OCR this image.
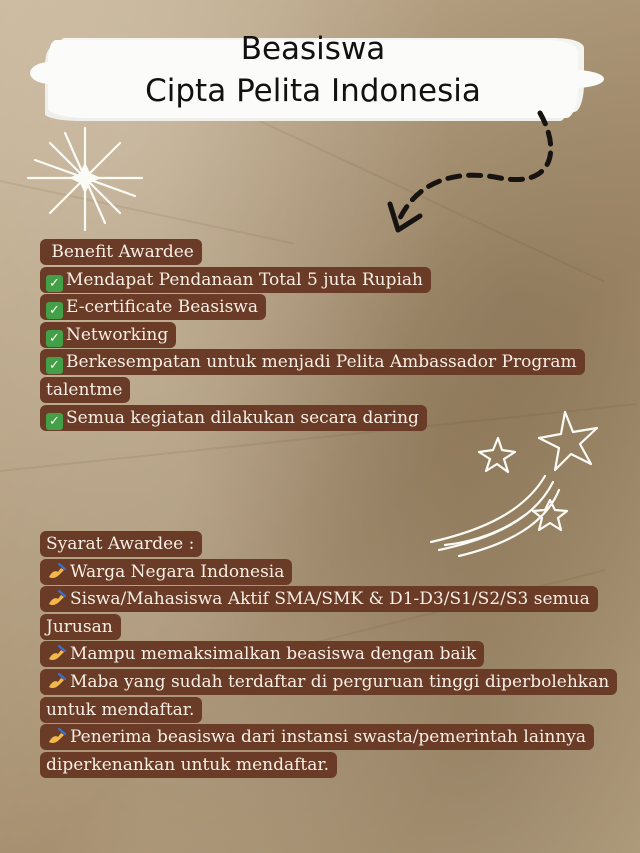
Beasiswa
Cipta Pelita Indonesia

Benefit Awardee

✓ Mendapat Pendanaan Total 5 juta Rupiah

✓ E-certificate Beasiswa

✓ Networking

✓ Berkesempatan untuk menjadi Pelita Ambassador Program talentme

✓ Semua kegiatan dilakukan secara daring

Syarat Awardee :

Warga Negara Indonesia

Siswa/Mahasiswa Aktif SMA/SMK & D1-D3/S1/S2/S3 semua Jurusan

Mampu memaksimalkan beasiswa dengan baik

Maba yang sudah terdaftar di perguruan tinggi diperbolehkan untuk mendaftar.

Penerima beasiswa dari instansi swasta/pemerintah lainnya diperkenankan untuk mendaftar.
